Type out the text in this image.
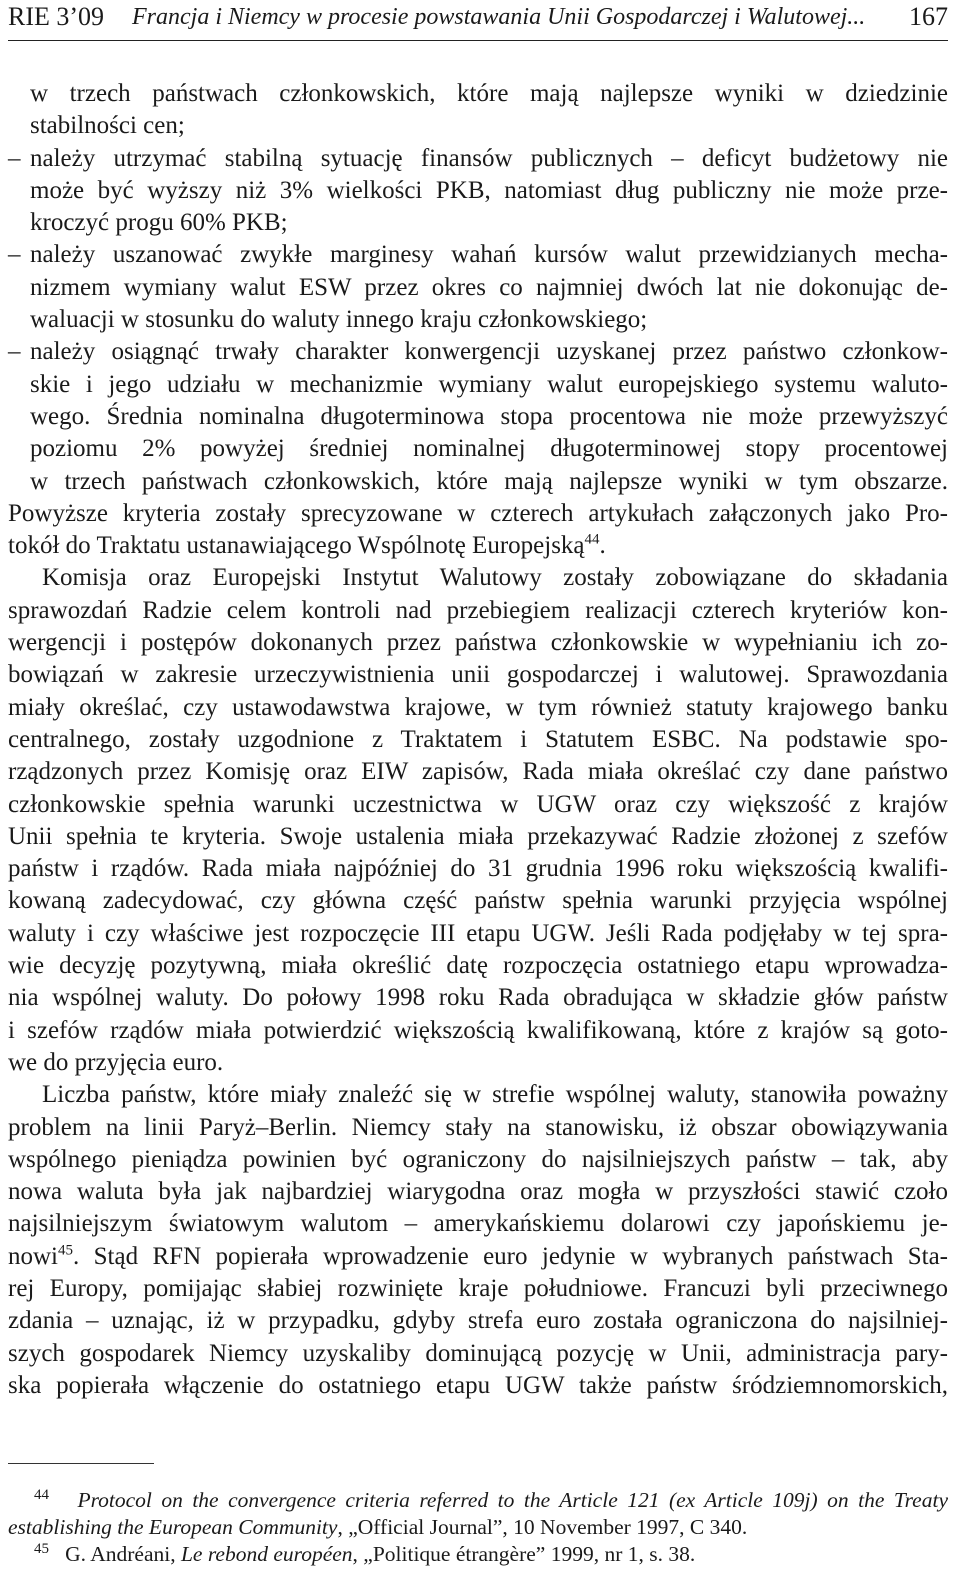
RIE 3’09 Francja i Niemcy w procesie powstawania Unii Gospodarczej i Walutowej... 167
w trzech państwach członkowskich, które mają najlepsze wyniki w dziedzinie
stabilności cen;
– należy utrzymać stabilną sytuację finansów publicznych – deficyt budżetowy nie
może być wyższy niż 3% wielkości PKB, natomiast dług publiczny nie może prze-
kroczyć progu 60% PKB;
– należy uszanować zwykłe marginesy wahań kursów walut przewidzianych mecha-
nizmem wymiany walut ESW przez okres co najmniej dwóch lat nie dokonując de-
waluacji w stosunku do waluty innego kraju członkowskiego;
– należy osiągnąć trwały charakter konwergencji uzyskanej przez państwo członkow-
skie i jego udziału w mechanizmie wymiany walut europejskiego systemu waluto-
wego. Średnia nominalna długoterminowa stopa procentowa nie może przewyższyć
poziomu 2% powyżej średniej nominalnej długoterminowej stopy procentowej
w trzech państwach członkowskich, które mają najlepsze wyniki w tym obszarze.
Powyższe kryteria zostały sprecyzowane w czterech artykułach załączonych jako Pro-
tokół do Traktatu ustanawiającego Wspólnotę Europejską$^{44}$.
Komisja oraz Europejski Instytut Walutowy zostały zobowiązane do składania
sprawozdań Radzie celem kontroli nad przebiegiem realizacji czterech kryteriów kon-
wergencji i postępów dokonanych przez państwa członkowskie w wypełnianiu ich zo-
bowiązań w zakresie urzeczywistnienia unii gospodarczej i walutowej. Sprawozdania
miały określać, czy ustawodawstwa krajowe, w tym również statuty krajowego banku
centralnego, zostały uzgodnione z Traktatem i Statutem ESBC. Na podstawie spo-
rządzonych przez Komisję oraz EIW zapisów, Rada miała określać czy dane państwo
członkowskie spełnia warunki uczestnictwa w UGW oraz czy większość z krajów
Unii spełnia te kryteria. Swoje ustalenia miała przekazywać Radzie złożonej z szefów
państw i rządów. Rada miała najpóźniej do 31 grudnia 1996 roku większością kwalifi-
kowaną zadecydować, czy główna część państw spełnia warunki przyjęcia wspólnej
waluty i czy właściwe jest rozpoczęcie III etapu UGW. Jeśli Rada podjęłaby w tej spra-
wie decyzję pozytywną, miała określić datę rozpoczęcia ostatniego etapu wprowadza-
nia wspólnej waluty. Do połowy 1998 roku Rada obradująca w składzie głów państw
i szefów rządów miała potwierdzić większością kwalifikowaną, które z krajów są goto-
we do przyjęcia euro.
Liczba państw, które miały znaleźć się w strefie wspólnej waluty, stanowiła poważny
problem na linii Paryż–Berlin. Niemcy stały na stanowisku, iż obszar obowiązywania
wspólnego pieniądza powinien być ograniczony do najsilniejszych państw – tak, aby
nowa waluta była jak najbardziej wiarygodna oraz mogła w przyszłości stawić czoło
najsilniejszym światowym walutom – amerykańskiemu dolarowi czy japońskiemu je-
nowi$^{45}$. Stąd RFN popierała wprowadzenie euro jedynie w wybranych państwach Sta-
rej Europy, pomijając słabiej rozwinięte kraje południowe. Francuzi byli przeciwnego
zdania – uznając, iż w przypadku, gdyby strefa euro została ograniczona do najsilniej-
szych gospodarek Niemcy uzyskaliby dominującą pozycję w Unii, administracja pary-
ska popierała włączenie do ostatniego etapu UGW także państw śródziemnomorskich,
44 Protocol on the convergence criteria referred to the Article 121 (ex Article 109j) on the Treaty
establishing the European Community, „Official Journal”, 10 November 1997, C 340.
45 G. Andréani, Le rebond européen, „Politique étrangère” 1999, nr 1, s. 38.
